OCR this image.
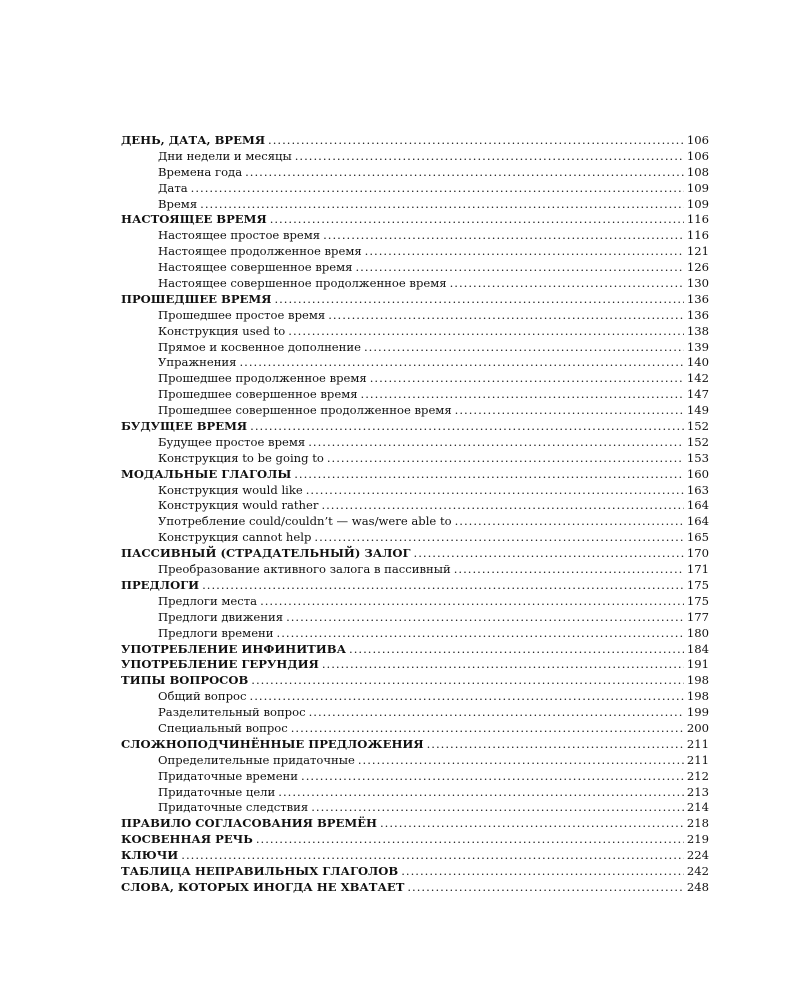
ДЕНЬ, ДАТА, ВРЕМЯ .....	106
Дни недели и месяцы .....	106
Времена года .....	108
Дата .....	109
Время .....	109
НАСТОЯЩЕЕ ВРЕМЯ .....	116
Настоящее простое время .....	116
Настоящее продолженное время .....	121
Настоящее совершенное время .....	126
Настоящее совершенное продолженное время .....	130
ПРОШЕДШЕЕ ВРЕМЯ .....	136
Прошедшее простое время .....	136
Конструкция used to .....	138
Прямое и косвенное дополнение .....	139
Упражнения .....	140
Прошедшее продолженное время .....	142
Прошедшее совершенное время .....	147
Прошедшее совершенное продолженное время .....	149
БУДУЩЕЕ ВРЕМЯ .....	152
Будущее простое время .....	152
Конструкция to be going to .....	153
МОДАЛЬНЫЕ ГЛАГОЛЫ .....	160
Конструкция would like .....	163
Конструкция would rather .....	164
Употребление could/couldn’t — was/were able to .....	164
Конструкция cannot help .....	165
ПАССИВНЫЙ (СТРАДАТЕЛЬНЫЙ) ЗАЛОГ .....	170
Преобразование активного залога в пассивный .....	171
ПРЕДЛОГИ .....	175
Предлоги места .....	175
Предлоги движения .....	177
Предлоги времени .....	180
УПОТРЕБЛЕНИЕ ИНФИНИТИВА .....	184
УПОТРЕБЛЕНИЕ ГЕРУНДИЯ .....	191
ТИПЫ ВОПРОСОВ .....	198
Общий вопрос .....	198
Разделительный вопрос .....	199
Специальный вопрос .....	200
СЛОЖНОПОДЧИНЁННЫЕ ПРЕДЛОЖЕНИЯ .....	211
Определительные придаточные .....	211
Придаточные времени .....	212
Придаточные цели .....	213
Придаточные следствия .....	214
ПРАВИЛО СОГЛАСОВАНИЯ ВРЕМЁН .....	218
КОСВЕННАЯ РЕЧЬ .....	219
КЛЮЧИ .....	224
ТАБЛИЦА НЕПРАВИЛЬНЫХ ГЛАГОЛОВ .....	242
СЛОВА, КОТОРЫХ ИНОГДА НЕ ХВАТАЕТ .....	248
